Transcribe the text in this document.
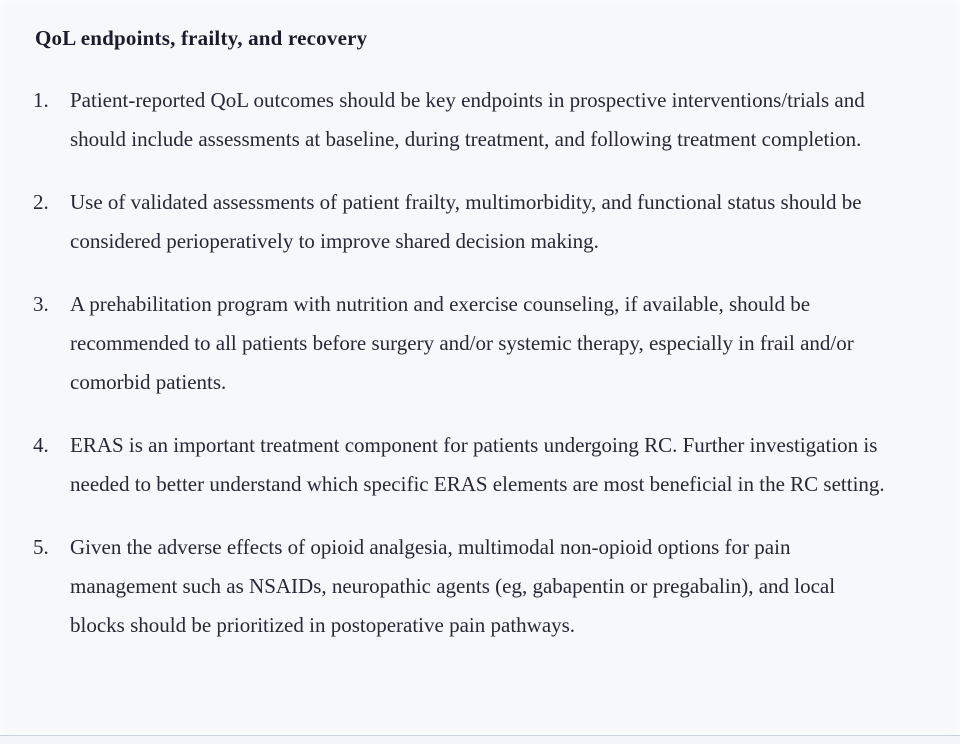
QoL endpoints, frailty, and recovery
1.	Patient-reported QoL outcomes should be key endpoints in prospective interventions/trials and should include assessments at baseline, during treatment, and following treatment completion.
2.	Use of validated assessments of patient frailty, multimorbidity, and functional status should be considered perioperatively to improve shared decision making.
3.	A prehabilitation program with nutrition and exercise counseling, if available, should be recommended to all patients before surgery and/or systemic therapy, especially in frail and/or comorbid patients.
4.	ERAS is an important treatment component for patients undergoing RC. Further investigation is needed to better understand which specific ERAS elements are most beneficial in the RC setting.
5.	Given the adverse effects of opioid analgesia, multimodal non-opioid options for pain management such as NSAIDs, neuropathic agents (eg, gabapentin or pregabalin), and local blocks should be prioritized in postoperative pain pathways.
